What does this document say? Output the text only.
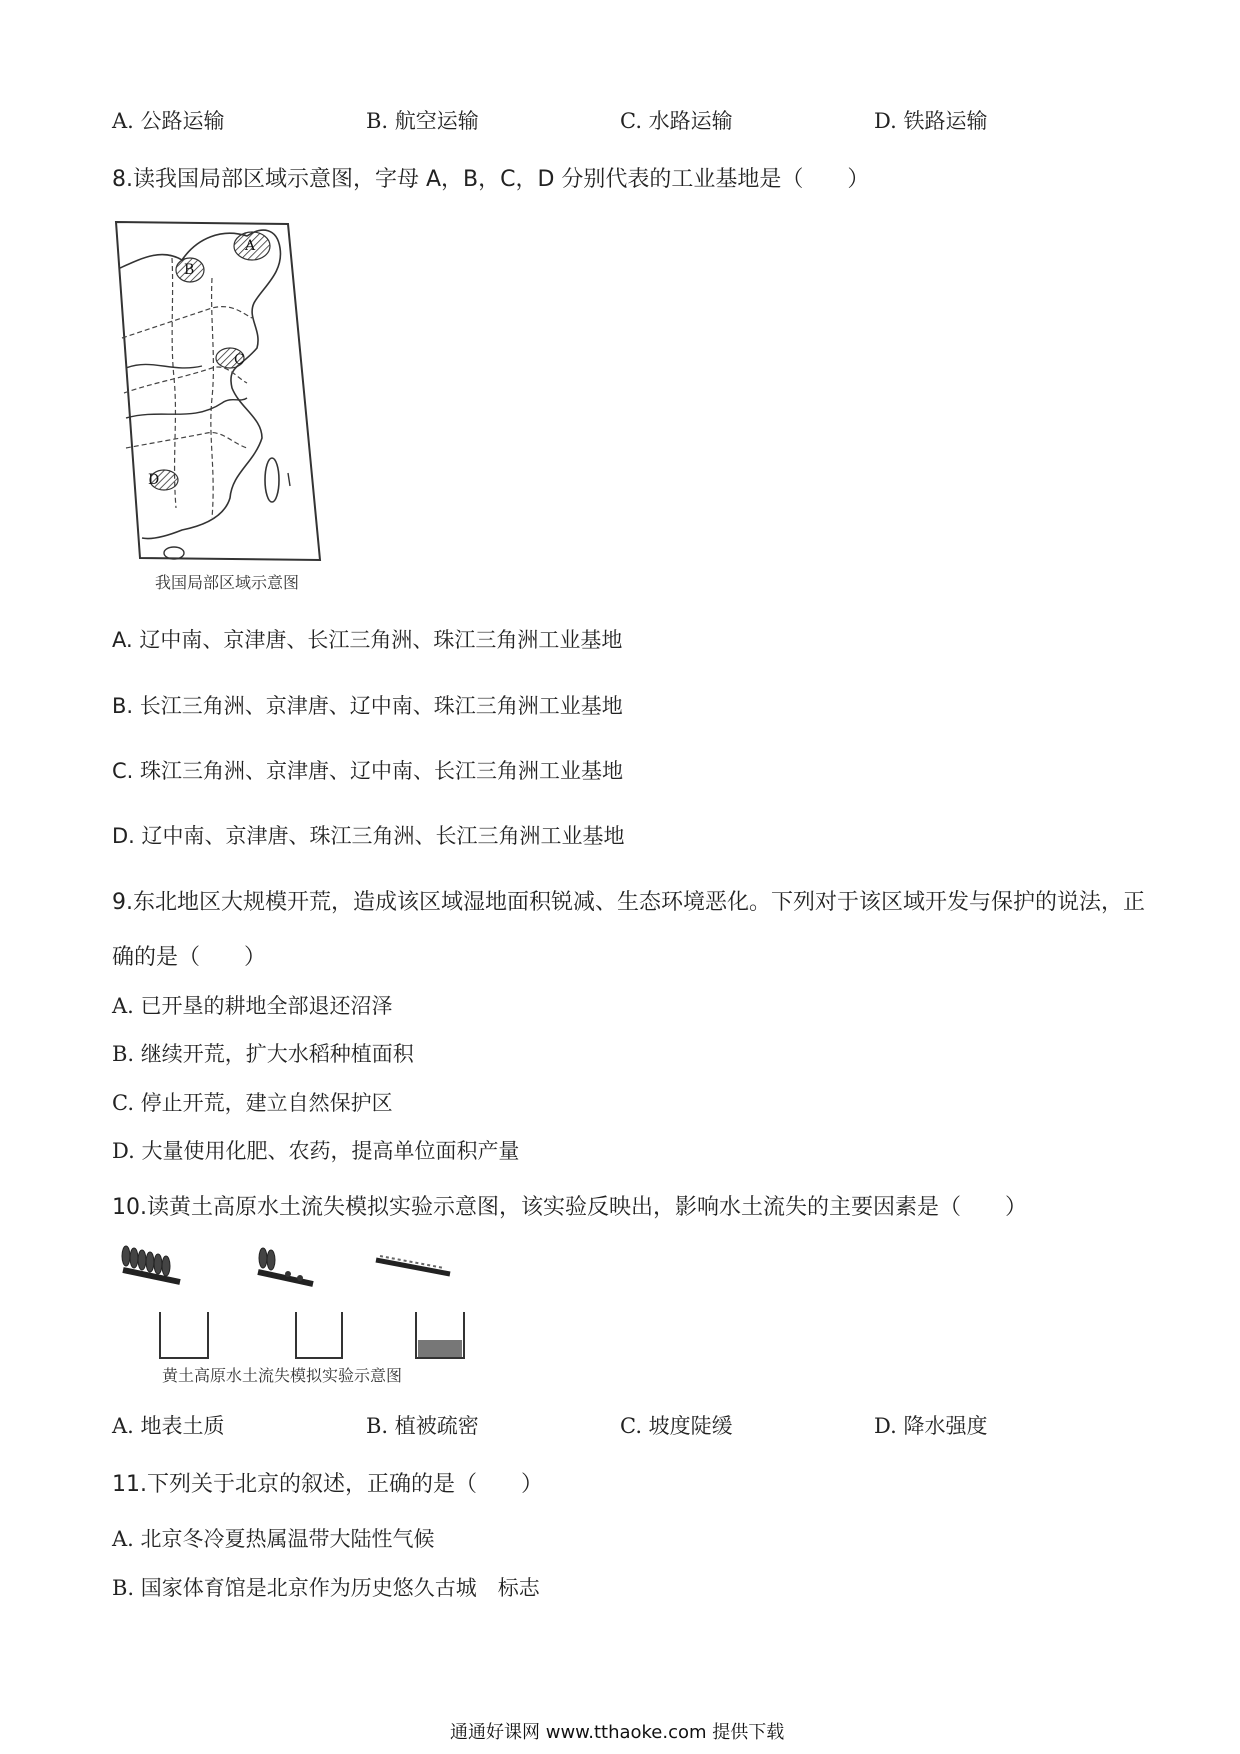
A. 公路运输	B. 航空运输	C. 水路运输	D. 铁路运输
8.读我国局部区域示意图，字母 A，B，C，D 分别代表的工业基地是（　　）
A
B
C
D
我国局部区域示意图
A. 辽中南、京津唐、长江三角洲、珠江三角洲工业基地
B. 长江三角洲、京津唐、辽中南、珠江三角洲工业基地
C. 珠江三角洲、京津唐、辽中南、长江三角洲工业基地
D. 辽中南、京津唐、珠江三角洲、长江三角洲工业基地
9.东北地区大规模开荒，造成该区域湿地面积锐减、生态环境恶化。下列对于该区域开发与保护的说法，正
确的是（　　）
A. 已开垦的耕地全部退还沼泽
B. 继续开荒，扩大水稻种植面积
C. 停止开荒，建立自然保护区
D. 大量使用化肥、农药，提高单位面积产量
10.读黄土高原水土流失模拟实验示意图，该实验反映出，影响水土流失的主要因素是（　　）
黄土高原水土流失模拟实验示意图
A. 地表土质	B. 植被疏密	C. 坡度陡缓	D. 降水强度
11.下列关于北京的叙述，正确的是（　　）
A. 北京冬冷夏热属温带大陆性气候
B. 国家体育馆是北京作为历史悠久古城　标志
通通好课网 www.tthaoke.com 提供下载
